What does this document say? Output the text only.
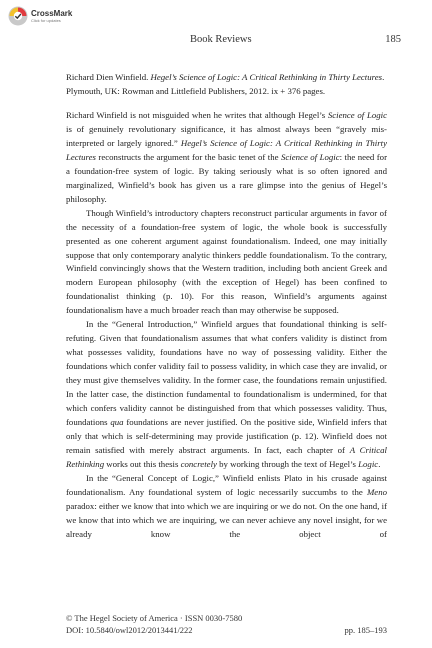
CrossMark
Click for updates
Book Reviews	185

Richard Dien Winfield. Hegel’s Science of Logic: A Critical Rethinking in Thirty Lectures. Plymouth, UK: Rowman and Littlefield Publishers, 2012. ix + 376 pages.

Richard Winfield is not misguided when he writes that although Hegel’s Science of Logic is of genuinely revolutionary significance, it has almost always been “gravely mis-interpreted or largely ignored.” Hegel’s Science of Logic: A Critical Rethinking in Thirty Lectures reconstructs the argument for the basic tenet of the Science of Logic: the need for a foundation-free system of logic. By taking seriously what is so often ignored and marginalized, Winfield’s book has given us a rare glimpse into the genius of Hegel’s philosophy.

Though Winfield’s introductory chapters reconstruct particular arguments in favor of the necessity of a foundation-free system of logic, the whole book is successfully presented as one coherent argument against foundationalism. Indeed, one may initially suppose that only contemporary analytic thinkers peddle foundationalism. To the contrary, Winfield convincingly shows that the Western tradition, including both ancient Greek and modern European philosophy (with the exception of Hegel) has been confined to foundationalist thinking (p. 10). For this reason, Winfield’s arguments against foundationalism have a much broader reach than may otherwise be supposed.

In the “General Introduction,” Winfield argues that foundational thinking is self-refuting. Given that foundationalism assumes that what confers validity is distinct from what possesses validity, foundations have no way of possessing validity. Either the foundations which confer validity fail to possess validity, in which case they are invalid, or they must give themselves validity. In the former case, the foundations remain unjustified. In the latter case, the distinction fundamental to foundationalism is undermined, for that which confers validity cannot be distinguished from that which possesses validity. Thus, foundations qua foundations are never justified. On the positive side, Winfield infers that only that which is self-determining may provide justification (p. 12). Winfield does not remain satisfied with merely abstract arguments. In fact, each chapter of A Critical Rethinking works out this thesis concretely by working through the text of Hegel’s Logic.

In the “General Concept of Logic,” Winfield enlists Plato in his crusade against foundationalism. Any foundational system of logic necessarily succumbs to the Meno paradox: either we know that into which we are inquiring or we do not. On the one hand, if we know that into which we are inquiring, we can never achieve any novel insight, for we already know the object of

© The Hegel Society of America · ISSN 0030-7580
DOI: 10.5840/owl2012/2013441/222	pp. 185–193
